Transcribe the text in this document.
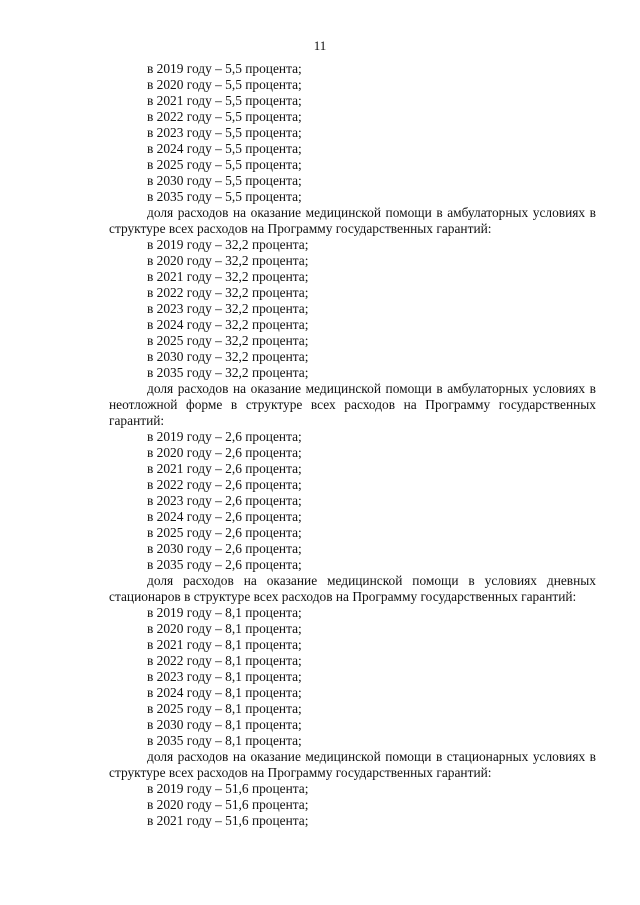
11
в 2019 году – 5,5 процента;
в 2020 году – 5,5 процента;
в 2021 году – 5,5 процента;
в 2022 году – 5,5 процента;
в 2023 году – 5,5 процента;
в 2024 году – 5,5 процента;
в 2025 году – 5,5 процента;
в 2030 году – 5,5 процента;
в 2035 году – 5,5 процента;
доля расходов на оказание медицинской помощи в амбулаторных условиях в структуре всех расходов на Программу государственных гарантий:
в 2019 году – 32,2 процента;
в 2020 году – 32,2 процента;
в 2021 году – 32,2 процента;
в 2022 году – 32,2 процента;
в 2023 году – 32,2 процента;
в 2024 году – 32,2 процента;
в 2025 году – 32,2 процента;
в 2030 году – 32,2 процента;
в 2035 году – 32,2 процента;
доля расходов на оказание медицинской помощи в амбулаторных условиях в неотложной форме в структуре всех расходов на Программу государственных гарантий:
в 2019 году – 2,6 процента;
в 2020 году – 2,6 процента;
в 2021 году – 2,6 процента;
в 2022 году – 2,6 процента;
в 2023 году – 2,6 процента;
в 2024 году – 2,6 процента;
в 2025 году – 2,6 процента;
в 2030 году – 2,6 процента;
в 2035 году – 2,6 процента;
доля расходов на оказание медицинской помощи в условиях дневных стационаров в структуре всех расходов на Программу государственных гарантий:
в 2019 году – 8,1 процента;
в 2020 году – 8,1 процента;
в 2021 году – 8,1 процента;
в 2022 году – 8,1 процента;
в 2023 году – 8,1 процента;
в 2024 году – 8,1 процента;
в 2025 году – 8,1 процента;
в 2030 году – 8,1 процента;
в 2035 году – 8,1 процента;
доля расходов на оказание медицинской помощи в стационарных условиях в структуре всех расходов на Программу государственных гарантий:
в 2019 году – 51,6 процента;
в 2020 году – 51,6 процента;
в 2021 году – 51,6 процента;
